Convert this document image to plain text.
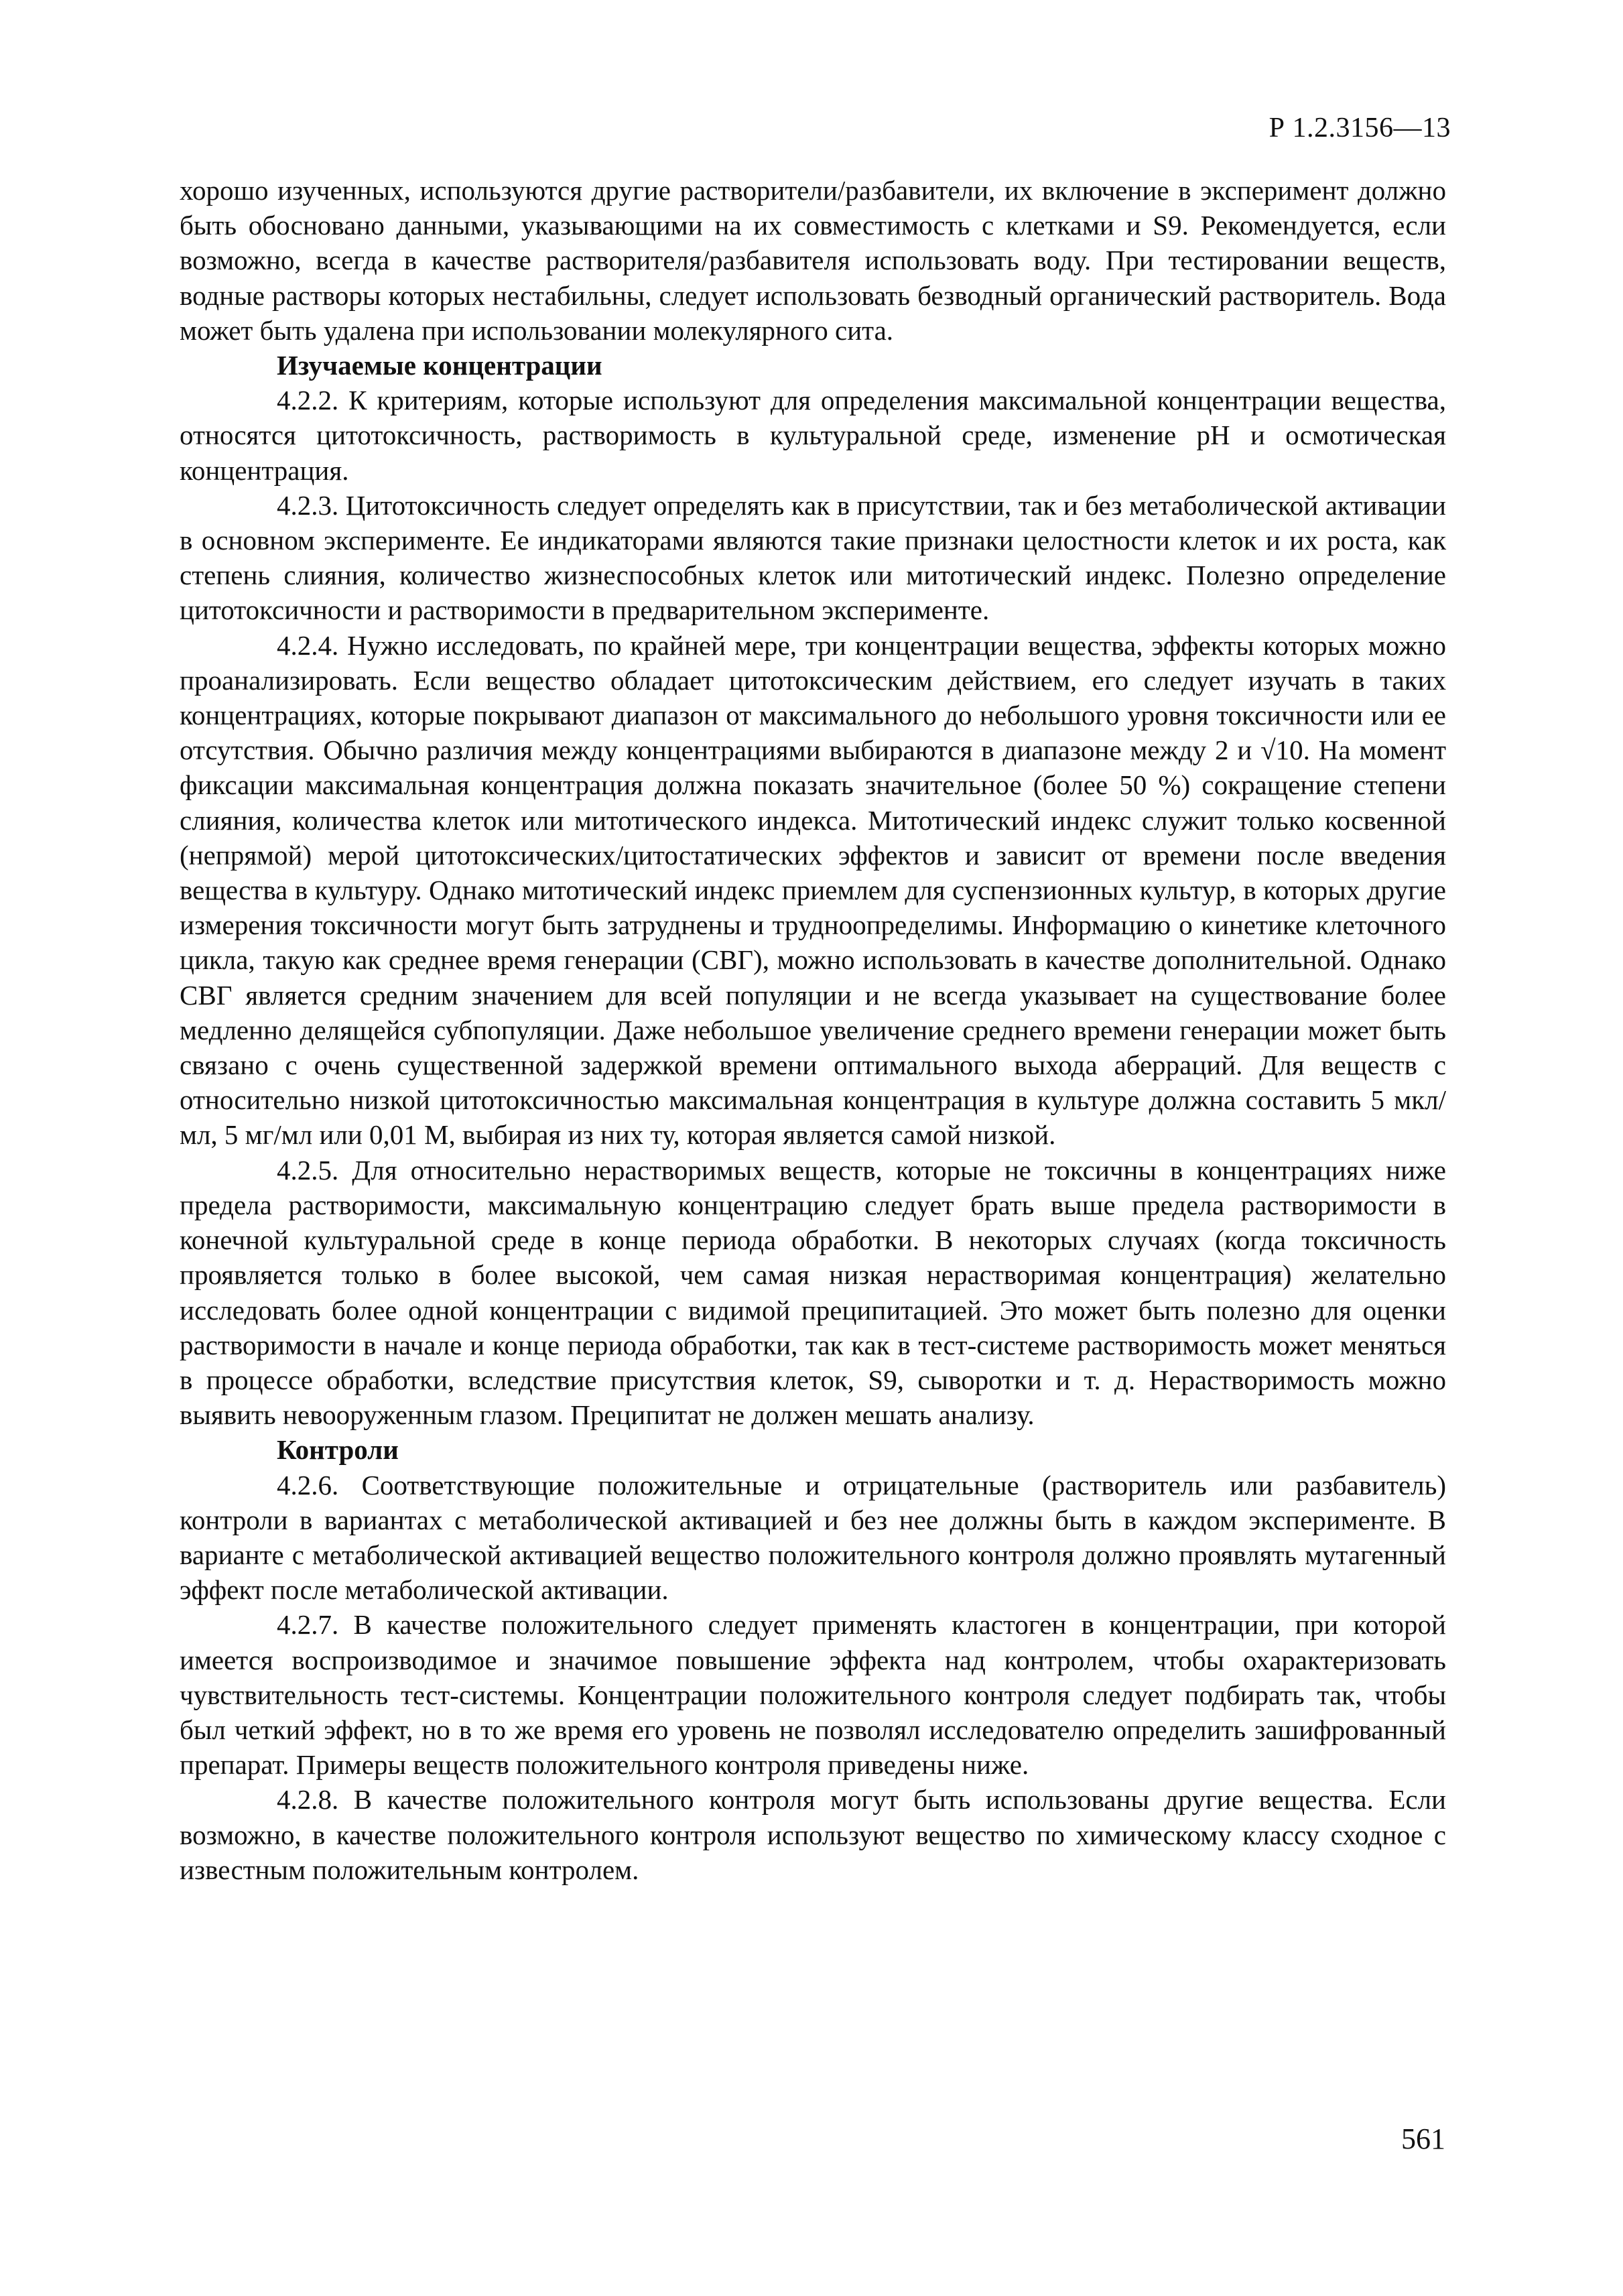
Р 1.2.3156—13

хорошо изученных, используются другие растворители/разбавители, их включение в эксперимент должно быть обосновано данными, указывающими на их совместимость с клетками и S9. Рекомендуется, если возможно, всегда в качестве растворителя/разбавителя использовать воду. При тестировании веществ, водные растворы которых нестабильны, следует использовать безводный органический растворитель. Вода может быть удалена при использовании молекулярного сита.

Изучаемые концентрации

4.2.2. К критериям, которые используют для определения максимальной концентрации вещества, относятся цитотоксичность, растворимость в культуральной среде, изменение pH и осмотическая концентрация.

4.2.3. Цитотоксичность следует определять как в присутствии, так и без метаболической активации в основном эксперименте. Ее индикаторами являются такие признаки целостности клеток и их роста, как степень слияния, количество жизнеспособных клеток или митотический индекс. Полезно определение цитотоксичности и растворимости в предварительном эксперименте.

4.2.4. Нужно исследовать, по крайней мере, три концентрации вещества, эффекты которых можно проанализировать. Если вещество обладает цитотоксическим действием, его следует изучать в таких концентрациях, которые покрывают диапазон от максимального до небольшого уровня токсичности или ее отсутствия. Обычно различия между концентрациями выбираются в диапазоне между 2 и √10. На момент фиксации максимальная концентрация должна показать значительное (более 50 %) сокращение степени слияния, количества клеток или митотического индекса. Митотический индекс служит только косвенной (непрямой) мерой цитотоксических/цитостатических эффектов и зависит от времени после введения вещества в культуру. Однако митотический индекс приемлем для суспензионных культур, в которых другие измерения токсичности могут быть затруднены и трудноопределимы. Информацию о кинетике клеточного цикла, такую как среднее время генерации (СВГ), можно использовать в качестве дополнительной. Однако СВГ является средним значением для всей популяции и не всегда указывает на существование более медленно делящейся субпопуляции. Даже небольшое увеличение среднего времени генерации может быть связано с очень существенной задержкой времени оптимального выхода аберраций. Для веществ с относительно низкой цитотоксичностью максимальная концентрация в культуре должна составить 5 мкл/мл, 5 мг/мл или 0,01 М, выбирая из них ту, которая является самой низкой.

4.2.5. Для относительно нерастворимых веществ, которые не токсичны в концентрациях ниже предела растворимости, максимальную концентрацию следует брать выше предела растворимости в конечной культуральной среде в конце периода обработки. В некоторых случаях (когда токсичность проявляется только в более высокой, чем самая низкая нерастворимая концентрация) желательно исследовать более одной концентрации с видимой преципитацией. Это может быть полезно для оценки растворимости в начале и конце периода обработки, так как в тест-системе растворимость может меняться в процессе обработки, вследствие присутствия клеток, S9, сыворотки и т. д. Нерастворимость можно выявить невооруженным глазом. Преципитат не должен мешать анализу.

Контроли

4.2.6. Соответствующие положительные и отрицательные (растворитель или разбавитель) контроли в вариантах с метаболической активацией и без нее должны быть в каждом эксперименте. В варианте с метаболической активацией вещество положительного контроля должно проявлять мутагенный эффект после метаболической активации.

4.2.7. В качестве положительного следует применять кластоген в концентрации, при которой имеется воспроизводимое и значимое повышение эффекта над контролем, чтобы охарактеризовать чувствительность тест-системы. Концентрации положительного контроля следует подбирать так, чтобы был четкий эффект, но в то же время его уровень не позволял исследователю определить зашифрованный препарат. Примеры веществ положительного контроля приведены ниже.

4.2.8. В качестве положительного контроля могут быть использованы другие вещества. Если возможно, в качестве положительного контроля используют вещество по химическому классу сходное с известным положительным контролем.

561
